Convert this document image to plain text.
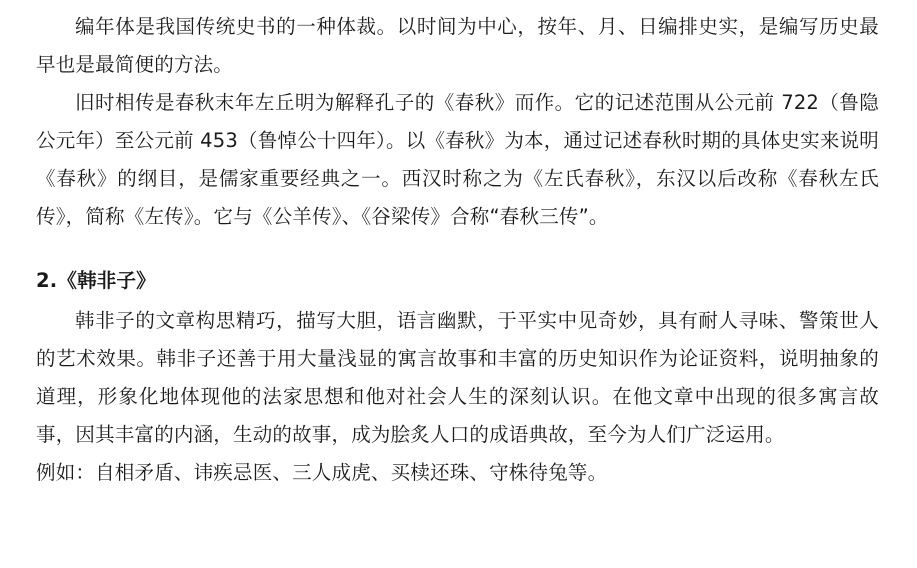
编年体是我国传统史书的一种体裁。以时间为中心，按年、月、日编排史实，是编写历史最早也是最简便的方法。

旧时相传是春秋末年左丘明为解释孔子的《春秋》而作。它的记述范围从公元前 722（鲁隐公元年）至公元前 453（鲁悼公十四年）。以《春秋》为本，通过记述春秋时期的具体史实来说明《春秋》的纲目，是儒家重要经典之一。西汉时称之为《左氏春秋》，东汉以后改称《春秋左氏传》，简称《左传》。它与《公羊传》、《谷梁传》合称“春秋三传”。

2.《韩非子》

韩非子的文章构思精巧，描写大胆，语言幽默，于平实中见奇妙，具有耐人寻味、警策世人的艺术效果。韩非子还善于用大量浅显的寓言故事和丰富的历史知识作为论证资料，说明抽象的道理，形象化地体现他的法家思想和他对社会人生的深刻认识。在他文章中出现的很多寓言故事，因其丰富的内涵，生动的故事，成为脍炙人口的成语典故，至今为人们广泛运用。

例如：自相矛盾、讳疾忌医、三人成虎、买椟还珠、守株待兔等。
